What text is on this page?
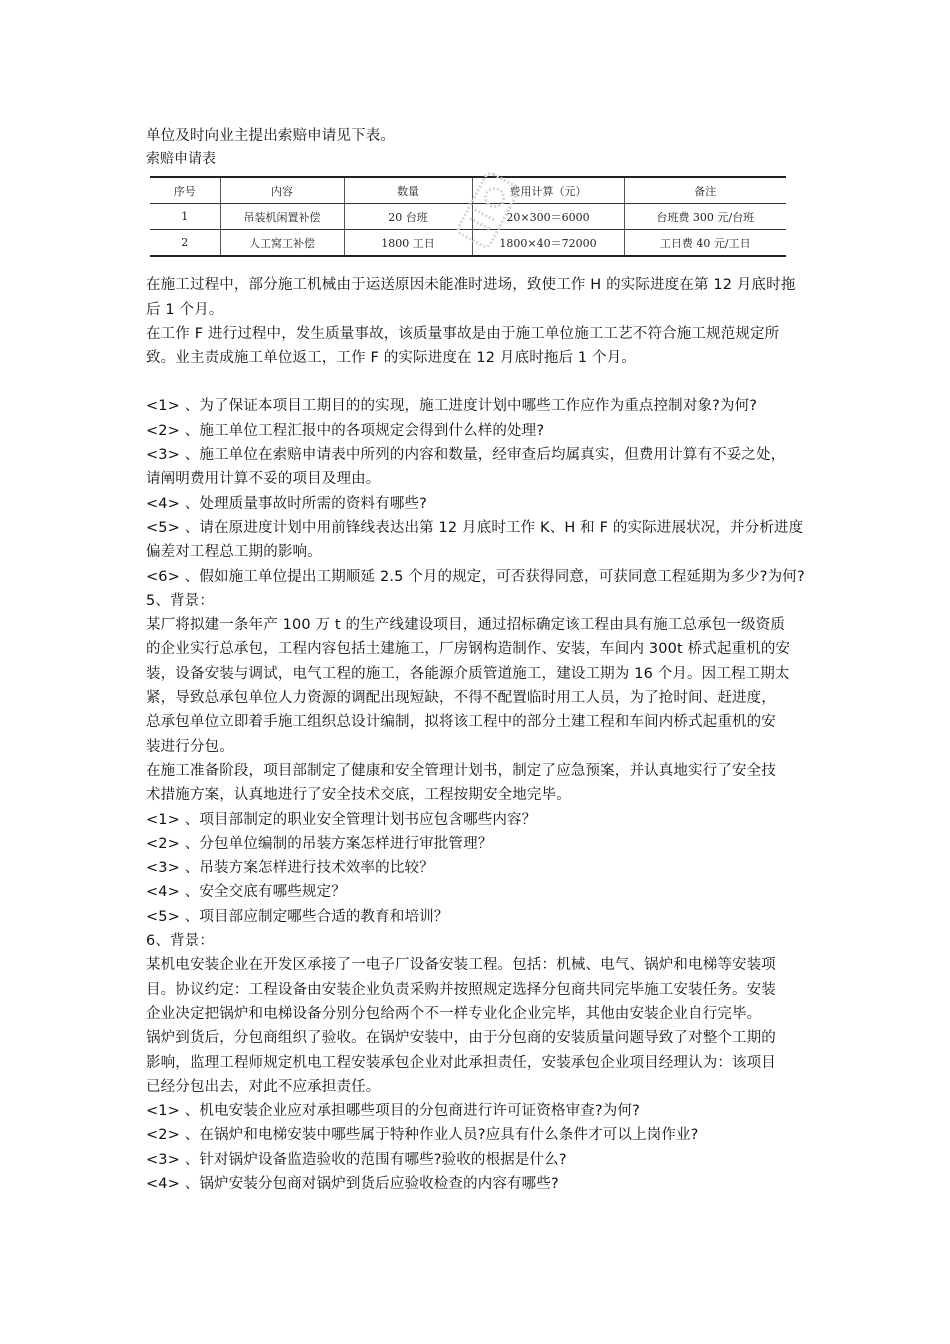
单位及时向业主提出索赔申请见下表。
索赔申请表
序号	内容	数量	费用计算（元）	备注
1	吊装机闲置补偿	20 台班	20×300＝6000	台班费 300 元/台班
2	人工窝工补偿	1800 工日	1800×40＝72000	工日费 40 元/工日
在施工过程中，部分施工机械由于运送原因未能准时进场，致使工作 H 的实际进度在第 12 月底时拖
后 1 个月。
在工作 F 进行过程中，发生质量事故，该质量事故是由于施工单位施工工艺不符合施工规范规定所
致。业主责成施工单位返工，工作 F 的实际进度在 12 月底时拖后 1 个月。
<1> 、为了保证本项目工期目的的实现，施工进度计划中哪些工作应作为重点控制对象?为何?
<2> 、施工单位工程汇报中的各项规定会得到什么样的处理?
<3> 、施工单位在索赔申请表中所列的内容和数量，经审查后均属真实，但费用计算有不妥之处，
请阐明费用计算不妥的项目及理由。
<4> 、处理质量事故时所需的资料有哪些?
<5> 、请在原进度计划中用前锋线表达出第 12 月底时工作 K、H 和 F 的实际进展状况，并分析进度
偏差对工程总工期的影响。
<6> 、假如施工单位提出工期顺延 2.5 个月的规定，可否获得同意，可获同意工程延期为多少?为何?
5、背景：
某厂将拟建一条年产 100 万 t 的生产线建设项目，通过招标确定该工程由具有施工总承包一级资质
的企业实行总承包，工程内容包括土建施工，厂房钢构造制作、安装，车间内 300t 桥式起重机的安
装，设备安装与调试，电气工程的施工，各能源介质管道施工，建设工期为 16 个月。因工程工期太
紧，导致总承包单位人力资源的调配出现短缺，不得不配置临时用工人员，为了抢时间、赶进度，
总承包单位立即着手施工组织总设计编制，拟将该工程中的部分土建工程和车间内桥式起重机的安
装进行分包。
在施工准备阶段，项目部制定了健康和安全管理计划书，制定了应急预案，并认真地实行了安全技
术措施方案，认真地进行了安全技术交底，工程按期安全地完毕。
<1> 、项目部制定的职业安全管理计划书应包含哪些内容？
<2> 、分包单位编制的吊装方案怎样进行审批管理？
<3> 、吊装方案怎样进行技术效率的比较？
<4> 、安全交底有哪些规定？
<5> 、项目部应制定哪些合适的教育和培训？
6、背景：
某机电安装企业在开发区承接了一电子厂设备安装工程。包括：机械、电气、锅炉和电梯等安装项
目。协议约定：工程设备由安装企业负责采购并按照规定选择分包商共同完毕施工安装任务。安装
企业决定把锅炉和电梯设备分别分包给两个不一样专业化企业完毕，其他由安装企业自行完毕。
锅炉到货后，分包商组织了验收。在锅炉安装中，由于分包商的安装质量问题导致了对整个工期的
影响，监理工程师规定机电工程安装承包企业对此承担责任，安装承包企业项目经理认为：该项目
已经分包出去，对此不应承担责任。
<1> 、机电安装企业应对承担哪些项目的分包商进行许可证资格审查?为何?
<2> 、在锅炉和电梯安装中哪些属于特种作业人员?应具有什么条件才可以上岗作业?
<3> 、针对锅炉设备监造验收的范围有哪些?验收的根据是什么?
<4> 、锅炉安装分包商对锅炉到货后应验收检查的内容有哪些?
